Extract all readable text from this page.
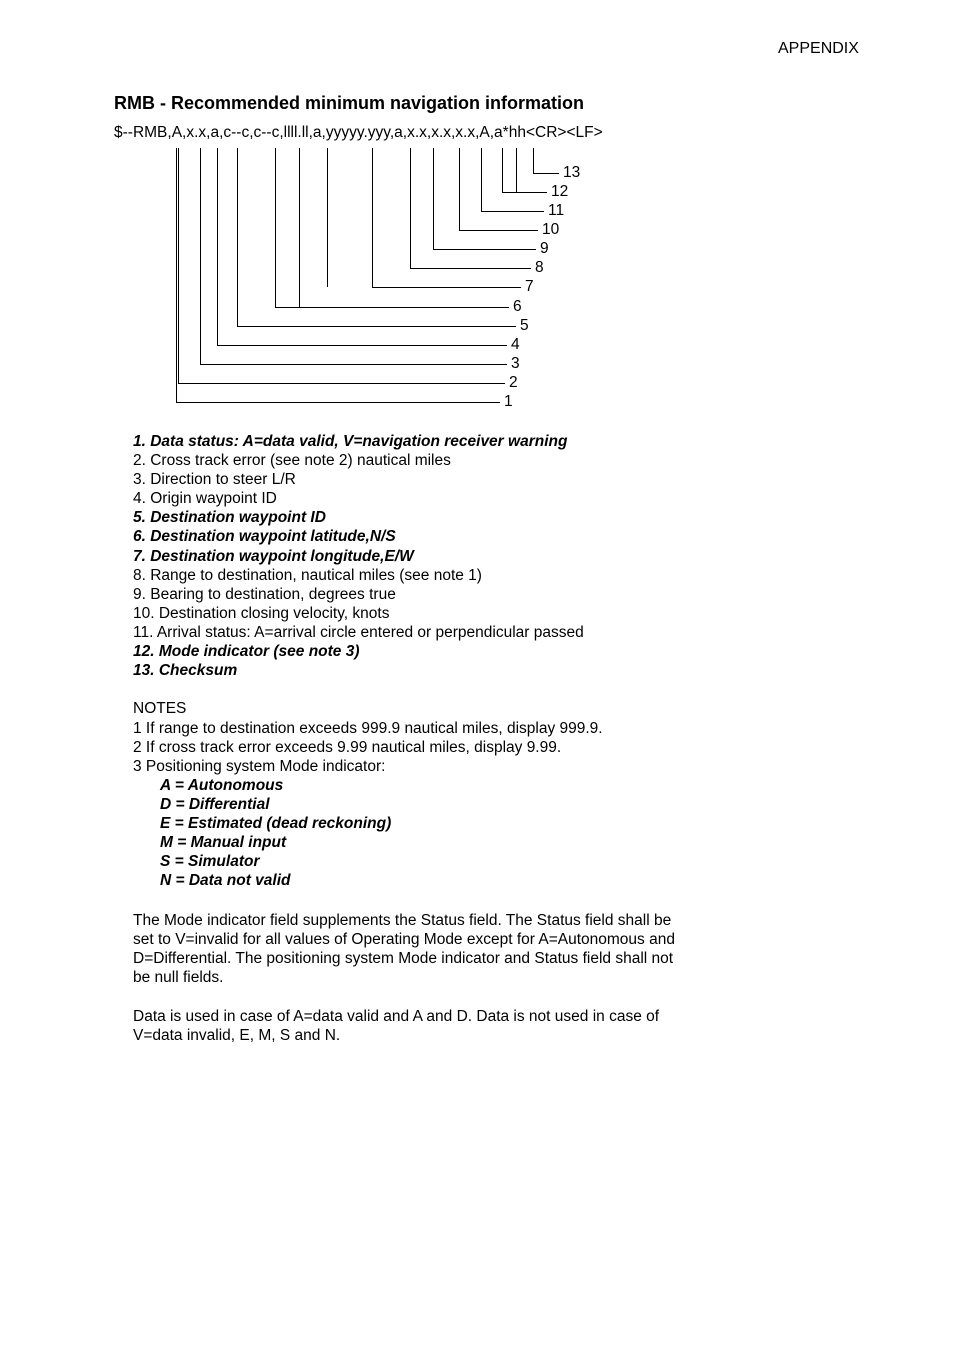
APPENDIX
RMB - Recommended minimum navigation information
$--RMB,A,x.x,a,c--c,c--c,llll.ll,a,yyyyy.yyy,a,x.x,x.x,x.x,A,a*hh<CR><LF>
1
2
3
4
5
6
7
8
9
10
11
12
13
1. Data status: A=data valid, V=navigation receiver warning
2. Cross track error (see note 2) nautical miles
3. Direction to steer L/R
4. Origin waypoint ID
5. Destination waypoint ID
6. Destination waypoint latitude,N/S
7. Destination waypoint longitude,E/W
8. Range to destination, nautical miles (see note 1)
9. Bearing to destination, degrees true
10. Destination closing velocity, knots
11. Arrival status: A=arrival circle entered or perpendicular passed
12. Mode indicator (see note 3)
13. Checksum
NOTES
1 If range to destination exceeds 999.9 nautical miles, display 999.9.
2 If cross track error exceeds 9.99 nautical miles, display 9.99.
3 Positioning system Mode indicator:
A = Autonomous
D = Differential
E = Estimated (dead reckoning)
M = Manual input
S = Simulator
N = Data not valid

The Mode indicator field supplements the Status field. The Status field shall be set to V=invalid for all values of Operating Mode except for A=Autonomous and D=Differential. The positioning system Mode indicator and Status field shall not be null fields.

Data is used in case of A=data valid and A and D. Data is not used in case of V=data invalid, E, M, S and N.
